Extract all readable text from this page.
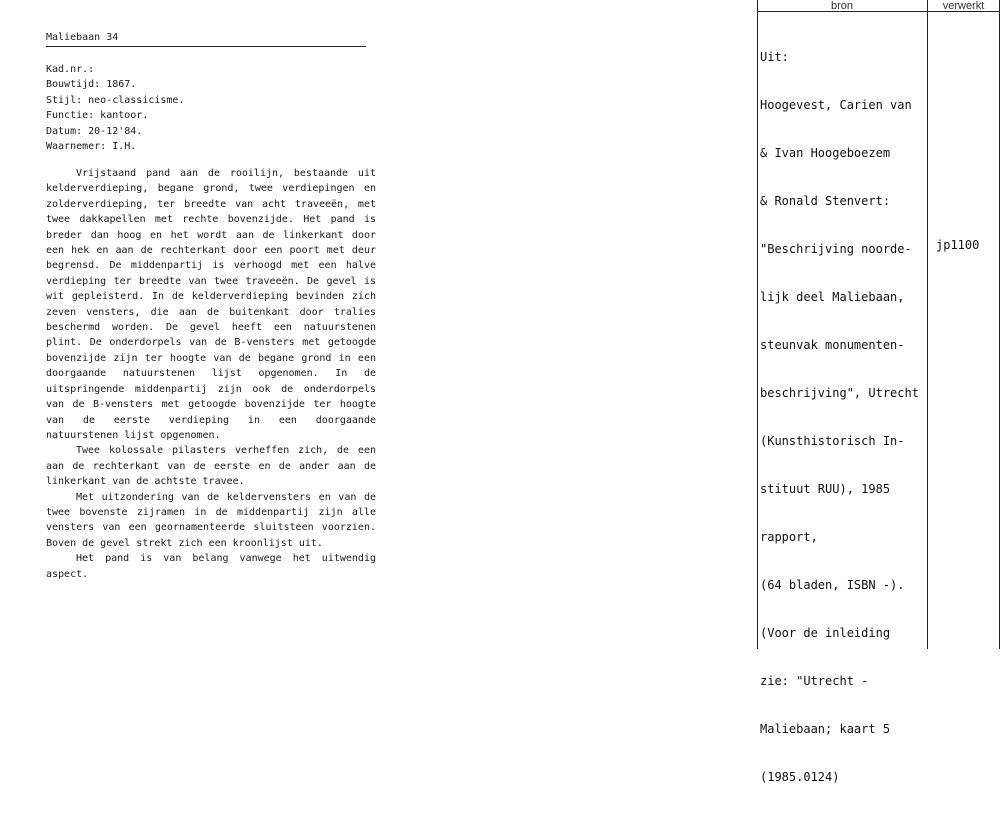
Maliebaan 34
Kad.nr.:
Bouwtijd: 1867.
Stijl: neo-classicisme.
Functie: kantoor.
Datum: 20-12'84.
Waarnemer: I.H.

Vrijstaand pand aan de rooilijn, bestaande uit kelderverdieping, begane grond, twee verdiepingen en zolderverdieping, ter breedte van acht traveeën, met twee dakkapellen met rechte bovenzijde. Het pand is breder dan hoog en het wordt aan de linkerkant door een hek en aan de rechterkant door een poort met deur begrensd. De middenpartij is verhoogd met een halve verdieping ter breedte van twee traveeën. De gevel is wit gepleisterd. In de kelderverdieping bevinden zich zeven vensters, die aan de buitenkant door tralies beschermd worden. De gevel heeft een natuurstenen plint. De onderdorpels van de B-vensters met getoogde bovenzijde zijn ter hoogte van de begane grond in een doorgaande natuurstenen lijst opgenomen. In de uitspringende middenpartij zijn ook de onderdorpels van de B-vensters met getoogde bovenzijde ter hoogte van de eerste verdieping in een doorgaande natuurstenen lijst opgenomen.

Twee kolossale pilasters verheffen zich, de een aan de rechterkant van de eerste en de ander aan de linkerkant van de achtste travee.

Met uitzondering van de keldervensters en van de twee bovenste zijramen in de middenpartij zijn alle vensters van een geornamenteerde sluitsteen voorzien. Boven de gevel strekt zich een kroonlijst uit.

Het pand is van belang vanwege het uitwendig aspect.

bron	verwerkt

Uit:

Hoogevest, Carien van

& Ivan Hoogeboezem

& Ronald Stenvert:

"Beschrijving noorde-

lijk deel Maliebaan,

steunvak monumenten-

beschrijving", Utrecht

(Kunsthistorisch In-

stituut RUU), 1985

rapport,

(64 bladen, ISBN -).

(Voor de inleiding

zie: "Utrecht -

Maliebaan; kaart 5

(1985.0124)

jp1100
